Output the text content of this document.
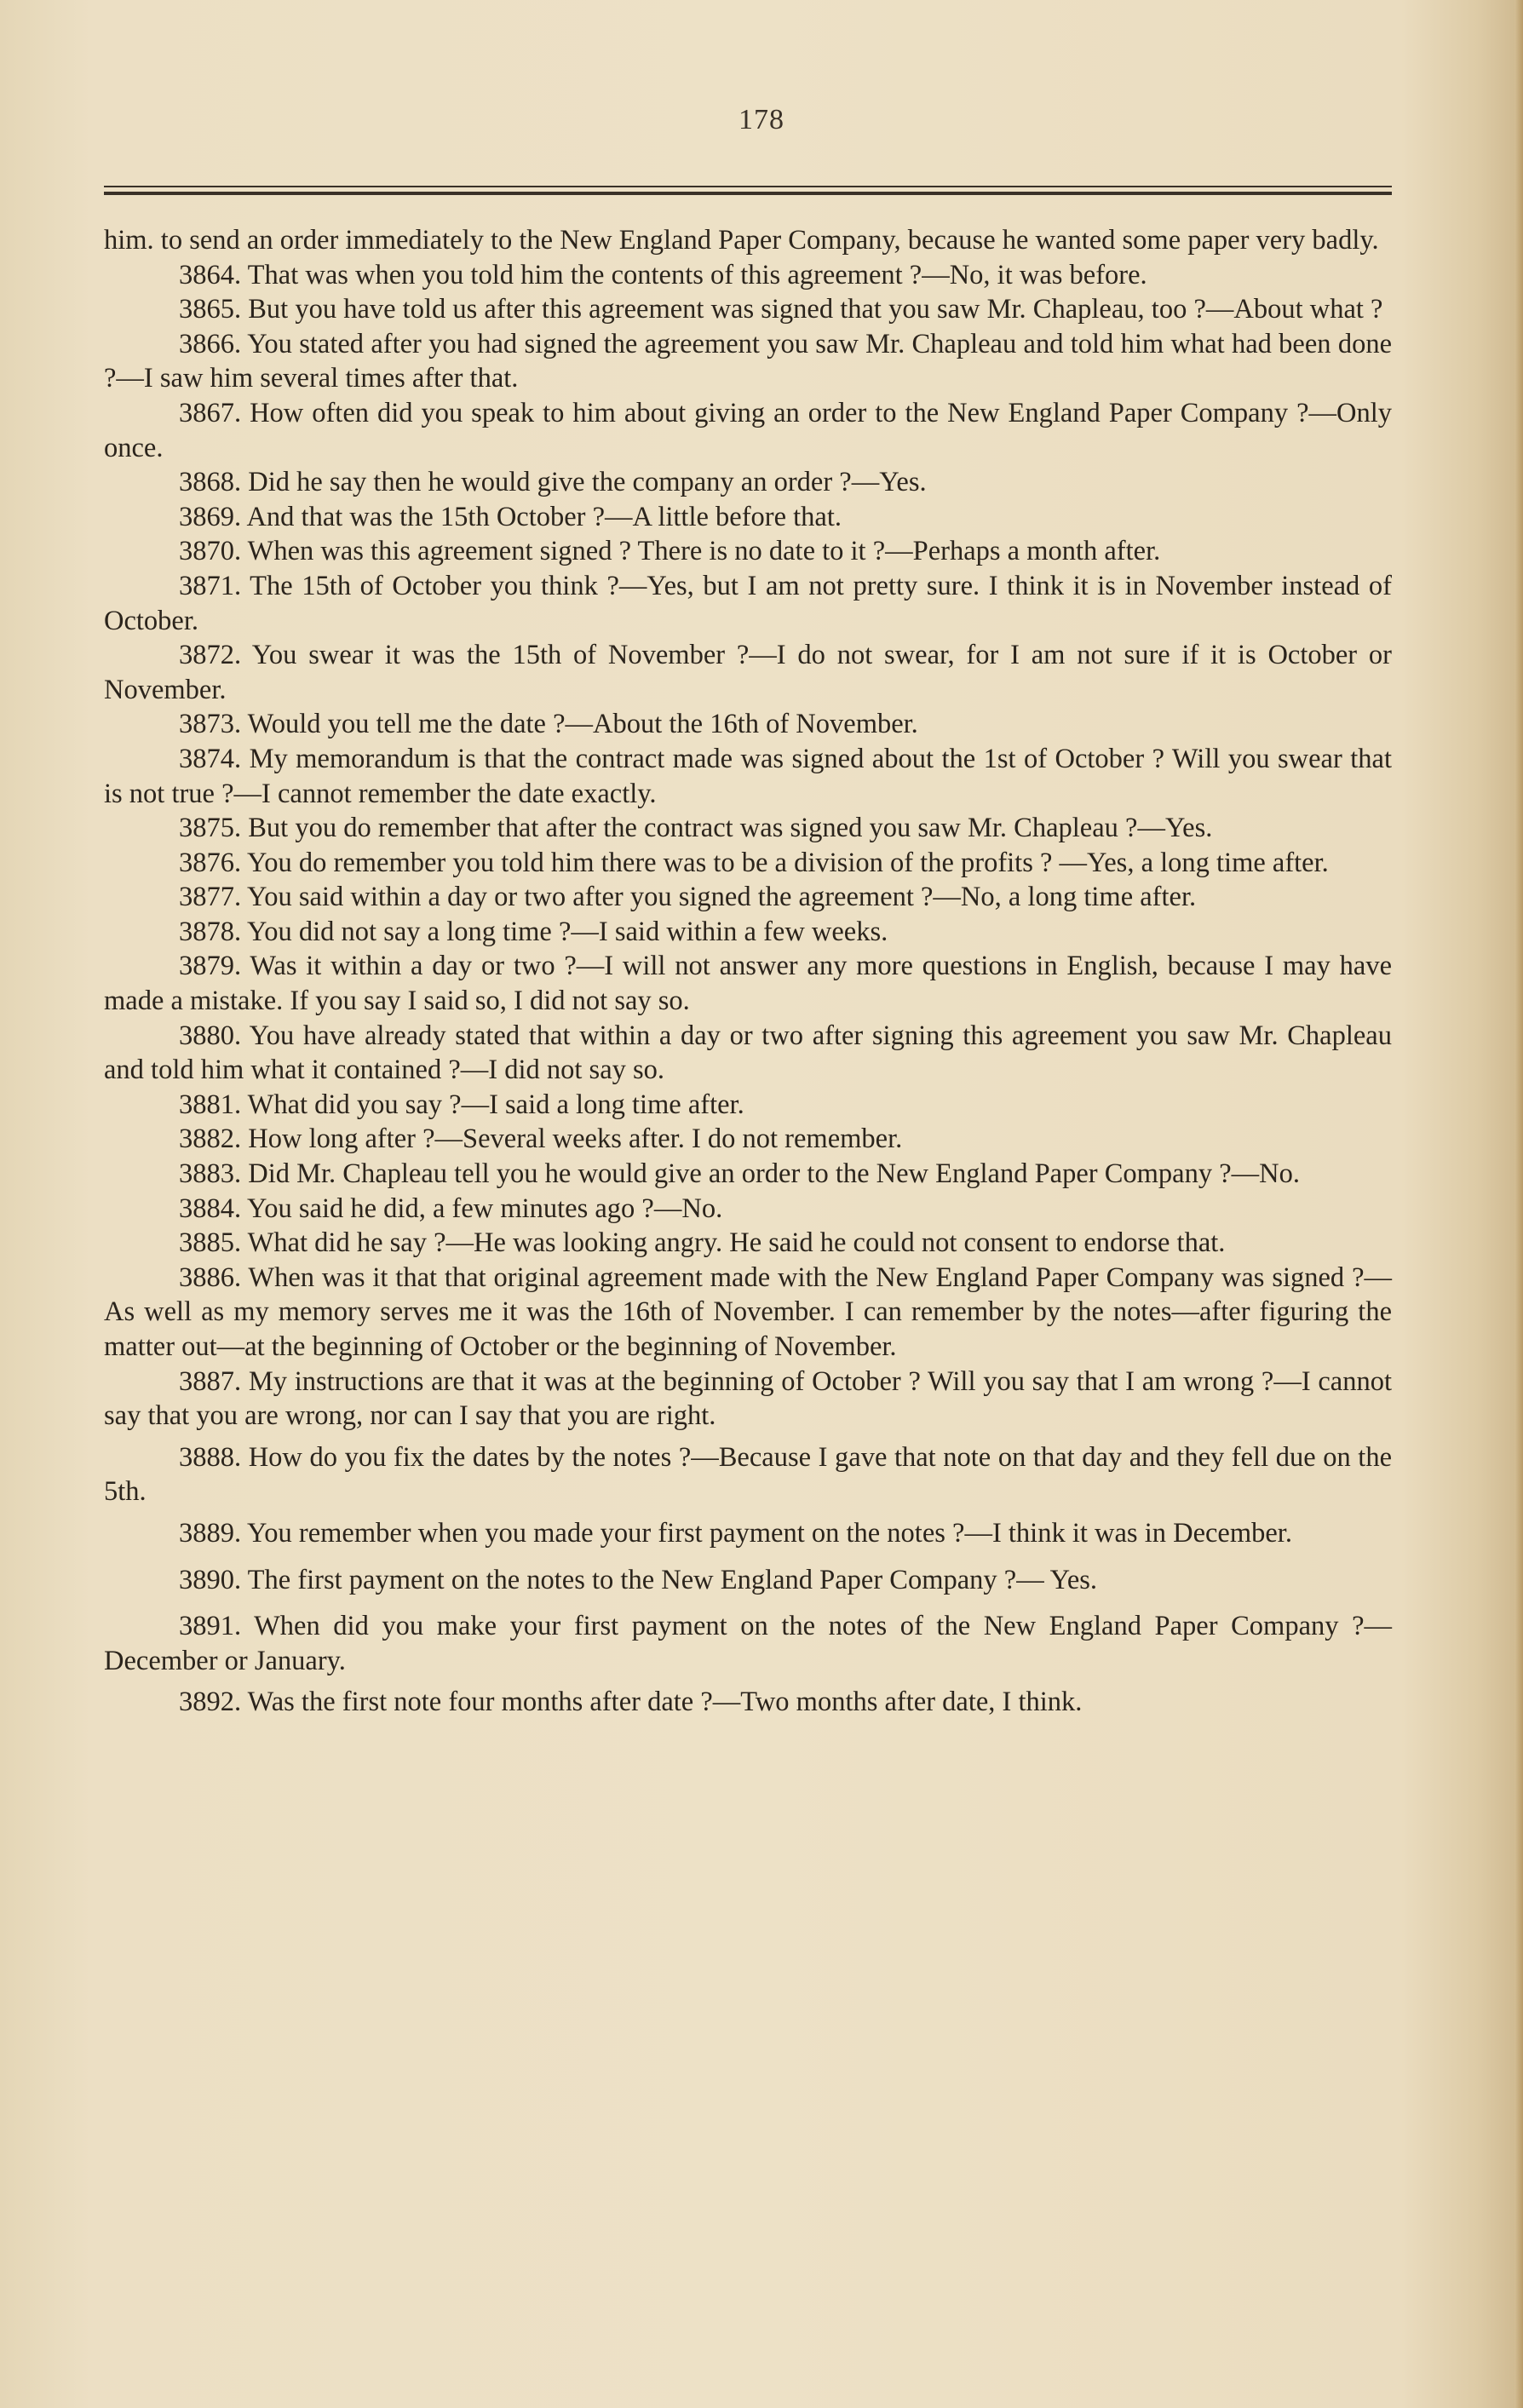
178

him. to send an order immediately to the New England Paper Company, because he wanted some paper very badly.

3864. That was when you told him the contents of this agreement ?—No, it was before.

3865. But you have told us after this agreement was signed that you saw Mr. Chapleau, too ?—About what ?

3866. You stated after you had signed the agreement you saw Mr. Chapleau and told him what had been done ?—I saw him several times after that.

3867. How often did you speak to him about giving an order to the New England Paper Company ?—Only once.

3868. Did he say then he would give the company an order ?—Yes.

3869. And that was the 15th October ?—A little before that.

3870. When was this agreement signed ? There is no date to it ?—Perhaps a month after.

3871. The 15th of October you think ?—Yes, but I am not pretty sure. I think it is in November instead of October.

3872. You swear it was the 15th of November ?—I do not swear, for I am not sure if it is October or November.

3873. Would you tell me the date ?—About the 16th of November.

3874. My memorandum is that the contract made was signed about the 1st of October ? Will you swear that is not true ?—I cannot remember the date exactly.

3875. But you do remember that after the contract was signed you saw Mr. Chapleau ?—Yes.

3876. You do remember you told him there was to be a division of the profits ? —Yes, a long time after.

3877. You said within a day or two after you signed the agreement ?—No, a long time after.

3878. You did not say a long time ?—I said within a few weeks.

3879. Was it within a day or two ?—I will not answer any more questions in English, because I may have made a mistake. If you say I said so, I did not say so.

3880. You have already stated that within a day or two after signing this agreement you saw Mr. Chapleau and told him what it contained ?—I did not say so.

3881. What did you say ?—I said a long time after.

3882. How long after ?—Several weeks after. I do not remember.

3883. Did Mr. Chapleau tell you he would give an order to the New England Paper Company ?—No.

3884. You said he did, a few minutes ago ?—No.

3885. What did he say ?—He was looking angry. He said he could not consent to endorse that.

3886. When was it that that original agreement made with the New England Paper Company was signed ?—As well as my memory serves me it was the 16th of November. I can remember by the notes—after figuring the matter out—at the beginning of October or the beginning of November.

3887. My instructions are that it was at the beginning of October ? Will you say that I am wrong ?—I cannot say that you are wrong, nor can I say that you are right.

3888. How do you fix the dates by the notes ?—Because I gave that note on that day and they fell due on the 5th.

3889. You remember when you made your first payment on the notes ?—I think it was in December.

3890. The first payment on the notes to the New England Paper Company ?— Yes.

3891. When did you make your first payment on the notes of the New England Paper Company ?—December or January.

3892. Was the first note four months after date ?—Two months after date, I think.
